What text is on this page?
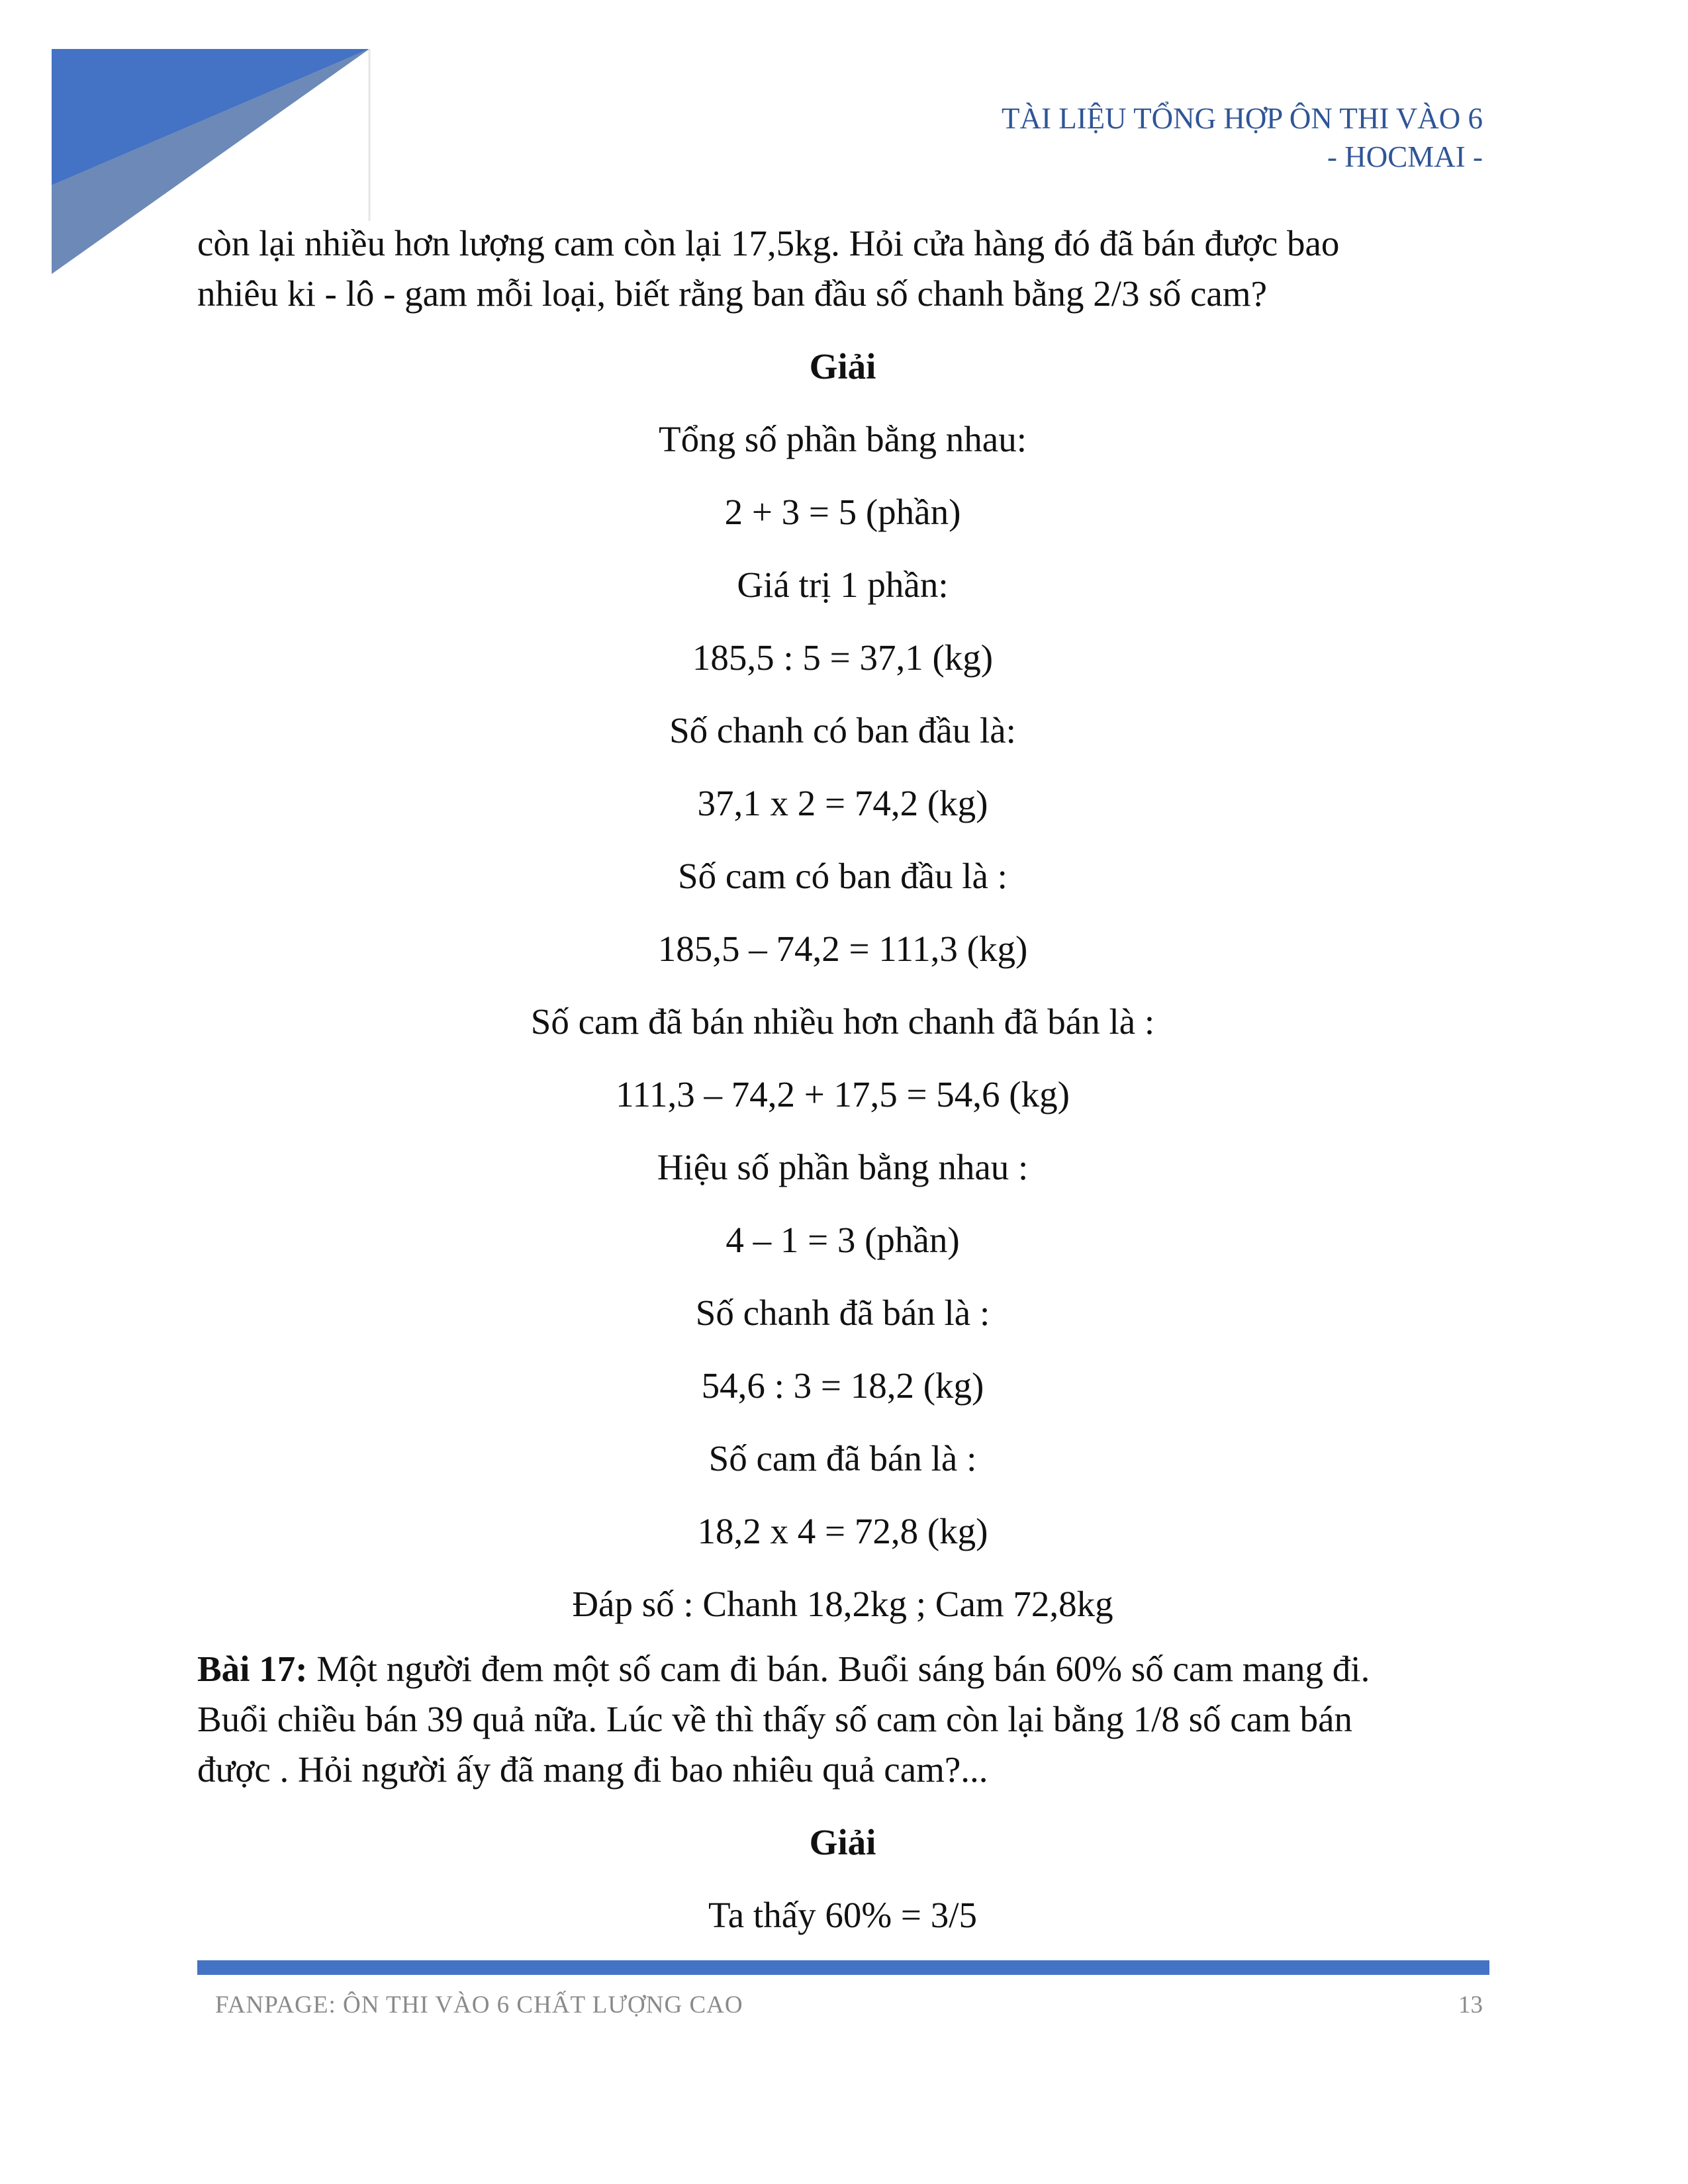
TÀI LIỆU TỔNG HỢP ÔN THI VÀO 6
- HOCMAI -

còn lại nhiều hơn lượng cam còn lại 17,5kg. Hỏi cửa hàng đó đã bán được bao

nhiêu ki - lô - gam mỗi loại, biết rằng ban đầu số chanh bằng 2/3 số cam?

Giải
Tổng số phần bằng nhau:
2 + 3 = 5 (phần)
Giá trị 1 phần:
185,5 : 5 = 37,1 (kg)
Số chanh có ban đầu là:
37,1 x 2 = 74,2 (kg)
Số cam có ban đầu là :
185,5 – 74,2 = 111,3 (kg)
Số cam đã bán nhiều hơn chanh đã bán là :
111,3 – 74,2 + 17,5 = 54,6 (kg)
Hiệu số phần bằng nhau :
4 – 1 = 3 (phần)
Số chanh đã bán là :
54,6 : 3 = 18,2 (kg)
Số cam đã bán là :
18,2 x 4 = 72,8 (kg)
Đáp số : Chanh 18,2kg ; Cam 72,8kg
Bài 17: Một người đem một số cam đi bán. Buổi sáng bán 60% số cam mang đi.
Buổi chiều bán 39 quả nữa. Lúc về thì thấy số cam còn lại bằng 1/8 số cam bán
được . Hỏi người ấy đã mang đi bao nhiêu quả cam?...
Giải
Ta thấy 60% = 3/5
FANPAGE: ÔN THI VÀO 6 CHẤT LƯỢNG CAO	13
